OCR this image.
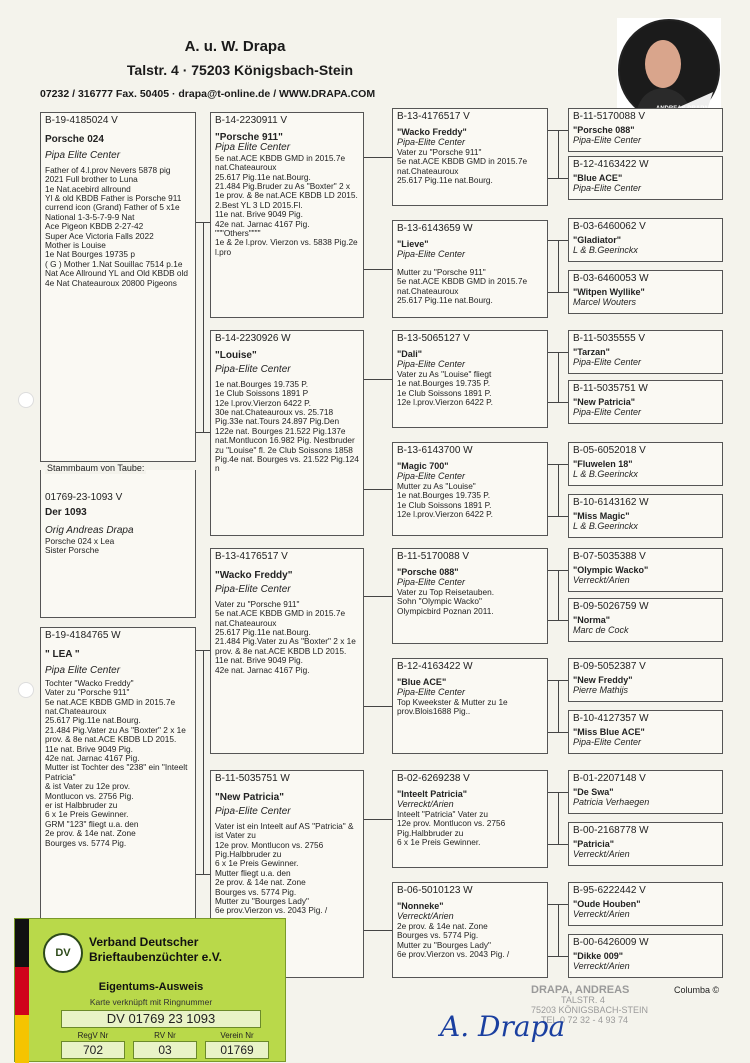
A. u. W. Drapa
Talstr. 4 · 75203 Königsbach-Stein
07232 / 316777 Fax. 50405 · drapa@t-online.de / WWW.DRAPA.COM
B-19-4185024 V
Porsche 024
Pipa Elite Center
Father of 4.l.prov Nevers 5878 pig 2021 Full brother to Luna
1e Nat.acebird allround
Yl & old KBDB Father is Porsche 911 currend icon (Grand) Father of 5 x1e National 1-3-5-7-9-9 Nat
Ace Pigeon KBDB 2-27-42
Super Ace Victoria Falls 2022
Mother is Louise
1e Nat Bourges 19735 p
( G ) Mother 1.Nat Souillac 7514 p.1e Nat Ace Allround YL and Old KBDB old
4e Nat Chateauroux 20800 Pigeons
Stammbaum von Taube:
01769-23-1093 V
Der 1093
Orig Andreas Drapa
Porsche 024 x Lea
Sister Porsche
B-19-4184765 W
" LEA "
Pipa Elite Center
Tochter "Wacko Freddy"
Vater zu "Porsche 911"
5e nat.ACE KBDB GMD in 2015.7e nat.Chateauroux
25.617 Pig.11e nat.Bourg.
21.484 Pig.Vater zu As "Boxter" 2 x 1e prov. & 8e nat.ACE KBDB LD 2015.
11e nat. Brive 9049 Pig.
42e nat. Jarnac 4167 Pig.
Mutter ist Tochter des "238" ein "Inteelt Patricia"
& ist Vater zu 12e prov.
Montlucon vs. 2756 Pig.
er ist Halbbruder zu
6 x 1e Preis Gewinner.
GRM "123" fliegt u.a. den
2e prov. & 14e nat. Zone
Bourges vs. 5774 Pig.
B-14-2230911 V
"Porsche 911"
Pipa Elite Center
5e nat.ACE KBDB GMD in 2015.7e nat.Chateauroux
25.617 Pig.11e nat.Bourg.
21.484 Pig.Bruder zu As "Boxter" 2 x 1e prov. & 8e nat.ACE KBDB LD 2015.
2.Best YL 3 LD 2015.Fl.
11e nat. Brive 9049 Pig.
42e nat. Jarnac 4167 Pig.
"""Others""""
1e & 2e l.prov. Vierzon vs. 5838 Pig.2e l.pro
B-14-2230926 W
"Louise"
Pipa-Elite Center
1e nat.Bourges 19.735 P.
1e Club Soissons 1891 P
12e l.prov.Vierzon 6422 P.
30e nat.Chateauroux vs. 25.718 Pig.33e nat.Tours 24.897 Pig.Den 122e nat. Bourges 21.522 Pig.137e nat.Montlucon 16.982 Pig. Nestbruder zu "Louise" fl. 2e Club Soissons 1858 Pig.4e nat. Bourges vs. 21.522 Pig.124 n
B-13-4176517 V
"Wacko Freddy"
Pipa-Elite Center
Vater zu "Porsche 911"
5e nat.ACE KBDB GMD in 2015.7e nat.Chateauroux
25.617 Pig.11e nat.Bourg.
21.484 Pig.Vater zu As "Boxter" 2 x 1e prov. & 8e nat.ACE KBDB LD 2015.
11e nat. Brive 9049 Pig.
42e nat. Jarnac 4167 Pig.
B-11-5035751 W
"New Patricia"
Pipa-Elite Center
Vater ist ein Inteelt auf AS "Patricia" & ist Vater zu
12e prov. Montlucon vs. 2756 Pig.Halbbruder zu
6 x 1e Preis Gewinner.
Mutter fliegt u.a. den
2e prov. & 14e nat. Zone
Bourges vs. 5774 Pig.
Mutter zu "Bourges Lady"
6e prov.Vierzon vs. 2043 Pig. /
B-13-4176517 V
"Wacko Freddy"
Pipa-Elite Center
Vater zu "Porsche 911"
5e nat.ACE KBDB GMD in 2015.7e nat.Chateauroux
25.617 Pig.11e nat.Bourg.
B-13-6143659 W
"Lieve"
Pipa-Elite Center
Mutter zu "Porsche 911"
5e nat.ACE KBDB GMD in 2015.7e nat.Chateauroux
25.617 Pig.11e nat.Bourg.
B-13-5065127 V
"Dali"
Pipa-Elite Center
Vater zu As "Louise" fliegt
1e nat.Bourges 19.735 P.
1e Club Soissons 1891 P.
12e l.prov.Vierzon 6422 P.
B-13-6143700 W
"Magic 700"
Pipa-Elite Center
Mutter zu As "Louise"
1e nat.Bourges 19.735 P.
1e Club Soissons 1891 P.
12e l.prov.Vierzon 6422 P.
B-11-5170088 V
"Porsche 088"
Pipa-Elite Center
Vater zu Top Reisetauben.
Sohn "Olympic Wacko"
Olympicbird Poznan 2011.
B-12-4163422 W
"Blue ACE"
Pipa-Elite Center
Top Kweekster & Mutter zu 1e prov.Blois1688 Pig..
B-02-6269238 V
"Inteelt Patricia"
Verreckt/Arien
Inteelt "Patricia" Vater zu
12e prov. Montlucon vs. 2756 Pig.Halbbruder zu
6 x 1e Preis Gewinner.
B-06-5010123 W
"Nonneke"
Verreckt/Arien
2e prov. & 14e nat. Zone
Bourges vs. 5774 Pig.
Mutter zu "Bourges Lady"
6e prov.Vierzon vs. 2043 Pig. /
B-11-5170088 V
"Porsche 088"
Pipa-Elite Center
B-12-4163422 W
"Blue ACE"
Pipa-Elite Center
B-03-6460062 V
"Gladiator"
L & B.Geerinckx
B-03-6460053 W
"Witpen Wyllike"
Marcel Wouters
B-11-5035555 V
"Tarzan"
Pipa-Elite Center
B-11-5035751 W
"New Patricia"
Pipa-Elite Center
B-05-6052018 V
"Fluwelen 18"
L & B.Geerinckx
B-10-6143162 W
"Miss Magic"
L & B.Geerinckx
B-07-5035388 V
"Olympic Wacko"
Verreckt/Arien
B-09-5026759 W
"Norma"
Marc de Cock
B-09-5052387 V
"New Freddy"
Pierre Mathijs
B-10-4127357 W
"Miss Blue ACE"
Pipa-Elite Center
B-01-2207148 V
"De Swa"
Patricia Verhaegen
B-00-2168778 W
"Patricia"
Verreckt/Arien
B-95-6222442 V
"Oude Houben"
Verreckt/Arien
B-00-6426009 W
"Dikke 009"
Verreckt/Arien
DV
Verband Deutscher
Brieftaubenzüchter e.V.
Eigentums-Ausweis
Karte verknüpft mit Ringnummer
DV 01769 23 1093
RegV Nr	RV Nr	Verein Nr
702	03	01769
DRAPA, ANDREAS
TALSTR. 4
75203 KÖNIGSBACH-STEIN
TEL.0 72 32 - 4 93 74
Columba ©
A. Drapa
